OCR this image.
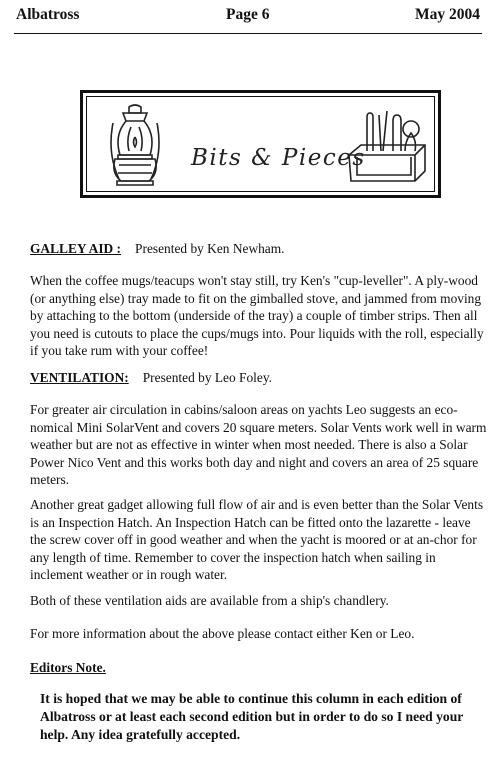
Albatross	Page 6	May 2004
Bits & Pieces
GALLEY AID : Presented by Ken Newham.

When the coffee mugs/teacups won't stay still, try Ken's "cup-leveller". A ply-wood (or anything else) tray made to fit on the gimballed stove, and jammed from moving by attaching to the bottom (underside of the tray) a couple of timber strips. Then all you need is cutouts to place the cups/mugs into. Pour liquids with the roll, especially if you take rum with your coffee!

VENTILATION: Presented by Leo Foley.

For greater air circulation in cabins/saloon areas on yachts Leo suggests an eco-nomical Mini SolarVent and covers 20 square meters. Solar Vents work well in warm weather but are not as effective in winter when most needed. There is also a Solar Power Nico Vent and this works both day and night and covers an area of 25 square meters.

Another great gadget allowing full flow of air and is even better than the Solar Vents is an Inspection Hatch. An Inspection Hatch can be fitted onto the lazarette - leave the screw cover off in good weather and when the yacht is moored or at an-chor for any length of time. Remember to cover the inspection hatch when sailing in inclement weather or in rough water.

Both of these ventilation aids are available from a ship's chandlery.

For more information about the above please contact either Ken or Leo.

Editors Note.

It is hoped that we may be able to continue this column in each edition of Albatross or at least each second edition but in order to do so I need your help. Any idea gratefully accepted.
